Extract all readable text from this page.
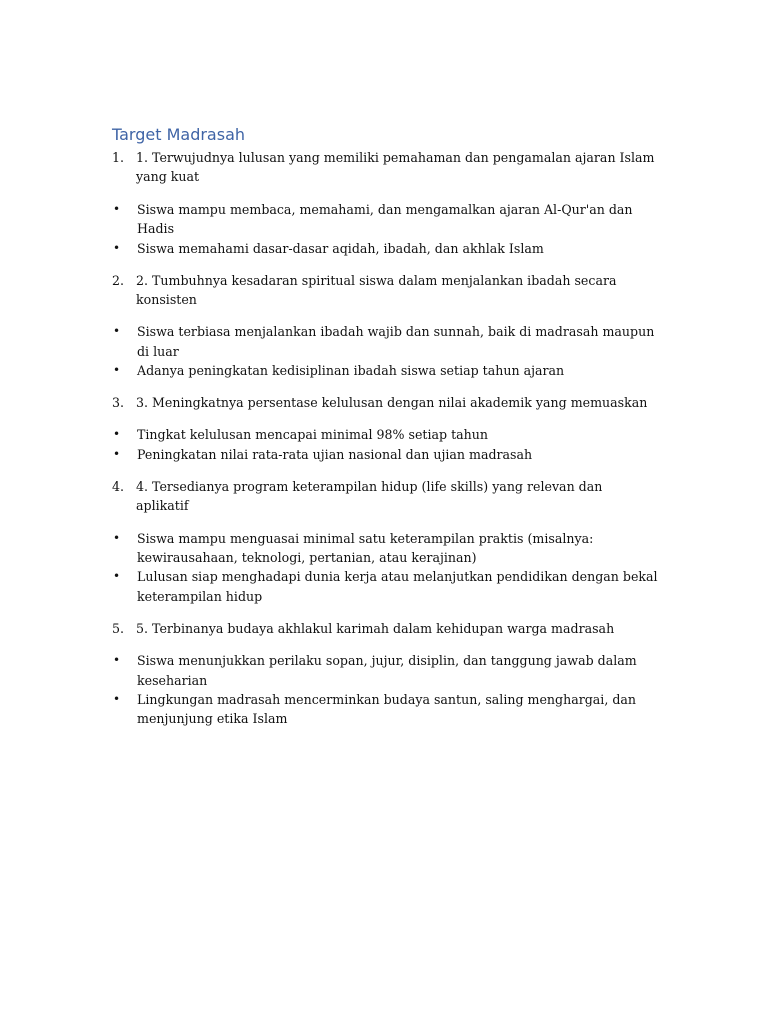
Target Madrasah
1. 1. Terwujudnya lulusan yang memiliki pemahaman dan pengamalan ajaran Islam yang kuat
•	Siswa mampu membaca, memahami, dan mengamalkan ajaran Al-Qur'an dan Hadis
•	Siswa memahami dasar-dasar aqidah, ibadah, dan akhlak Islam
2. 2. Tumbuhnya kesadaran spiritual siswa dalam menjalankan ibadah secara konsisten
•	Siswa terbiasa menjalankan ibadah wajib dan sunnah, baik di madrasah maupun di luar
•	Adanya peningkatan kedisiplinan ibadah siswa setiap tahun ajaran
3. 3. Meningkatnya persentase kelulusan dengan nilai akademik yang memuaskan
•	Tingkat kelulusan mencapai minimal 98% setiap tahun
•	Peningkatan nilai rata-rata ujian nasional dan ujian madrasah
4. 4. Tersedianya program keterampilan hidup (life skills) yang relevan dan aplikatif
•	Siswa mampu menguasai minimal satu keterampilan praktis (misalnya: kewirausahaan, teknologi, pertanian, atau kerajinan)
•	Lulusan siap menghadapi dunia kerja atau melanjutkan pendidikan dengan bekal keterampilan hidup
5. 5. Terbinanya budaya akhlakul karimah dalam kehidupan warga madrasah
•	Siswa menunjukkan perilaku sopan, jujur, disiplin, dan tanggung jawab dalam keseharian
•	Lingkungan madrasah mencerminkan budaya santun, saling menghargai, dan menjunjung etika Islam
